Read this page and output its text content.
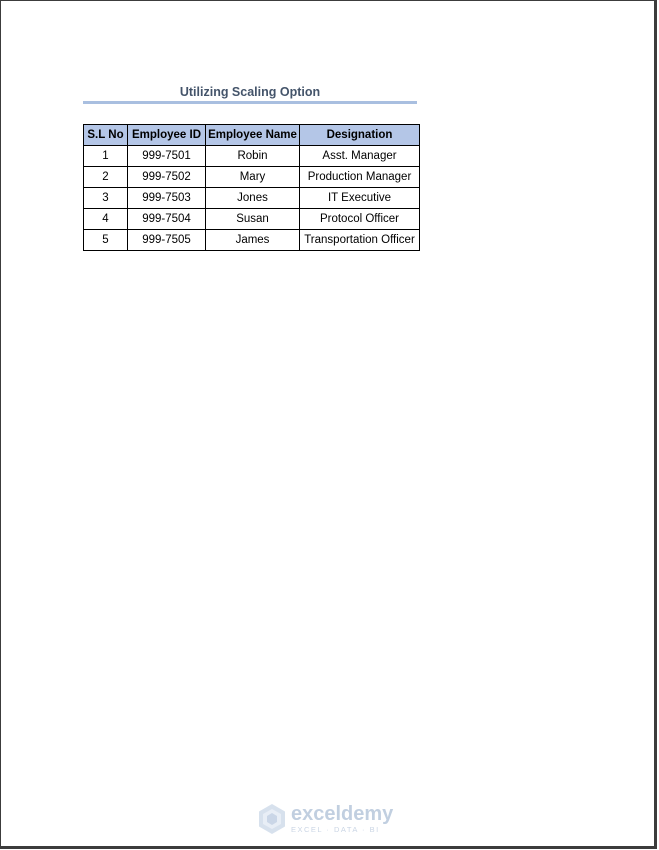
Utilizing Scaling Option
S.L No	Employee ID	Employee Name	Designation
1	999-7501	Robin	Asst. Manager
2	999-7502	Mary	Production Manager
3	999-7503	Jones	IT Executive
4	999-7504	Susan	Protocol Officer
5	999-7505	James	Transportation Officer
exceldemy
EXCEL · DATA · BI
